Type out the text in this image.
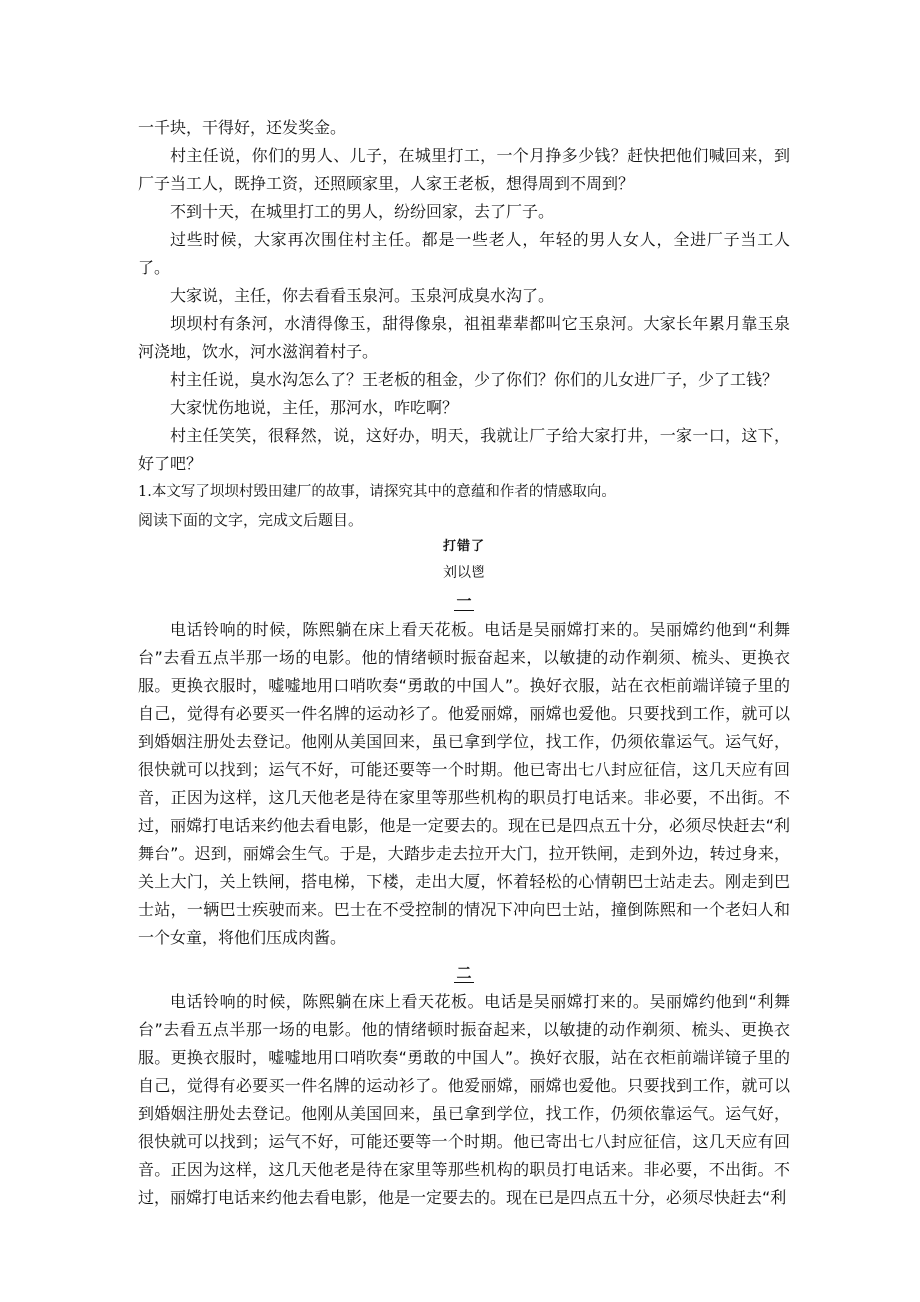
一千块，干得好，还发奖金。

村主任说，你们的男人、儿子，在城里打工，一个月挣多少钱？赶快把他们喊回来，到厂子当工人，既挣工资，还照顾家里，人家王老板，想得周到不周到？

不到十天，在城里打工的男人，纷纷回家，去了厂子。

过些时候，大家再次围住村主任。都是一些老人，年轻的男人女人，全进厂子当工人了。

大家说，主任，你去看看玉泉河。玉泉河成臭水沟了。

坝坝村有条河，水清得像玉，甜得像泉，祖祖辈辈都叫它玉泉河。大家长年累月靠玉泉河浇地，饮水，河水滋润着村子。

村主任说，臭水沟怎么了？王老板的租金，少了你们？你们的儿女进厂子，少了工钱？

大家忧伤地说，主任，那河水，咋吃啊？

村主任笑笑，很释然，说，这好办，明天，我就让厂子给大家打井，一家一口，这下，好了吧？

1.本文写了坝坝村毁田建厂的故事，请探究其中的意蕴和作者的情感取向。

阅读下面的文字，完成文后题目。

打错了

刘以鬯

一

电话铃响的时候，陈熙躺在床上看天花板。电话是吴丽嫦打来的。吴丽嫦约他到“利舞台”去看五点半那一场的电影。他的情绪顿时振奋起来，以敏捷的动作剃须、梳头、更换衣服。更换衣服时，嘘嘘地用口哨吹奏“勇敢的中国人”。换好衣服，站在衣柜前端详镜子里的自己，觉得有必要买一件名牌的运动衫了。他爱丽嫦，丽嫦也爱他。只要找到工作，就可以到婚姻注册处去登记。他刚从美国回来，虽已拿到学位，找工作，仍须依靠运气。运气好，很快就可以找到；运气不好，可能还要等一个时期。他已寄出七八封应征信，这几天应有回音，正因为这样，这几天他老是待在家里等那些机构的职员打电话来。非必要，不出街。不过，丽嫦打电话来约他去看电影，他是一定要去的。现在已是四点五十分，必须尽快赶去“利舞台”。迟到，丽嫦会生气。于是，大踏步走去拉开大门，拉开铁闸，走到外边，转过身来，关上大门，关上铁闸，搭电梯，下楼，走出大厦，怀着轻松的心情朝巴士站走去。刚走到巴士站，一辆巴士疾驶而来。巴士在不受控制的情况下冲向巴士站，撞倒陈熙和一个老妇人和一个女童，将他们压成肉酱。

二

电话铃响的时候，陈熙躺在床上看天花板。电话是吴丽嫦打来的。吴丽嫦约他到“利舞台”去看五点半那一场的电影。他的情绪顿时振奋起来，以敏捷的动作剃须、梳头、更换衣服。更换衣服时，嘘嘘地用口哨吹奏“勇敢的中国人”。换好衣服，站在衣柜前端详镜子里的自己，觉得有必要买一件名牌的运动衫了。他爱丽嫦，丽嫦也爱他。只要找到工作，就可以到婚姻注册处去登记。他刚从美国回来，虽已拿到学位，找工作，仍须依靠运气。运气好，很快就可以找到；运气不好，可能还要等一个时期。他已寄出七八封应征信，这几天应有回音。正因为这样，这几天他老是待在家里等那些机构的职员打电话来。非必要，不出街。不过，丽嫦打电话来约他去看电影，他是一定要去的。现在已是四点五十分，必须尽快赶去“利
